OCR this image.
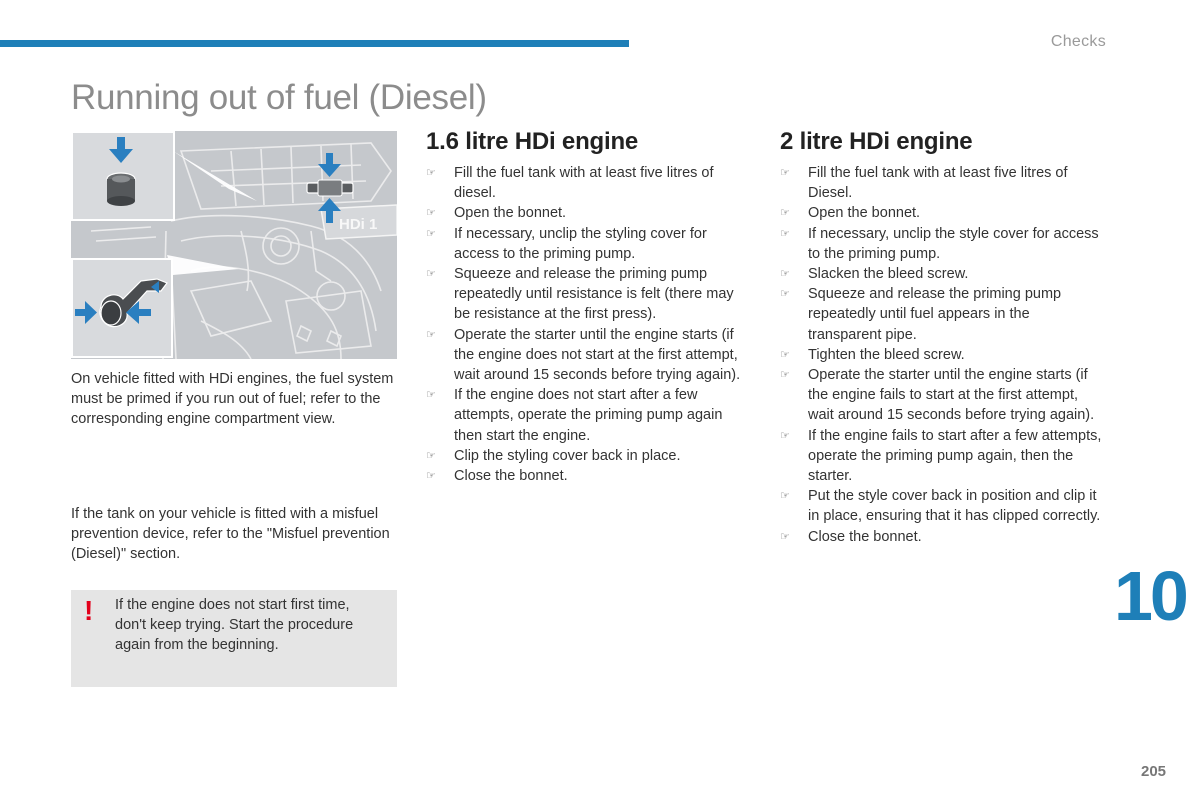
Checks
Running out of fuel (Diesel)
HDi 1
On vehicle fitted with HDi engines, the fuel system must be primed if you run out of fuel; refer to the corresponding engine compartment view.
If the tank on your vehicle is fitted with a misfuel prevention device, refer to the "Misfuel prevention (Diesel)" section.
! If the engine does not start first time, don't keep trying. Start the procedure again from the beginning.
1.6 litre HDi engine
☞ Fill the fuel tank with at least five litres of diesel.
☞ Open the bonnet.
☞ If necessary, unclip the styling cover for access to the priming pump.
☞ Squeeze and release the priming pump repeatedly until resistance is felt (there may be resistance at the first press).
☞ Operate the starter until the engine starts (if the engine does not start at the first attempt, wait around 15 seconds before trying again).
☞ If the engine does not start after a few attempts, operate the priming pump again then start the engine.
☞ Clip the styling cover back in place.
☞ Close the bonnet.
2 litre HDi engine
☞ Fill the fuel tank with at least five litres of Diesel.
☞ Open the bonnet.
☞ If necessary, unclip the style cover for access to the priming pump.
☞ Slacken the bleed screw.
☞ Squeeze and release the priming pump repeatedly until fuel appears in the transparent pipe.
☞ Tighten the bleed screw.
☞ Operate the starter until the engine starts (if the engine fails to start at the first attempt, wait around 15 seconds before trying again).
☞ If the engine fails to start after a few attempts, operate the priming pump again, then the starter.
☞ Put the style cover back in position and clip it in place, ensuring that it has clipped correctly.
☞ Close the bonnet.
10
205
